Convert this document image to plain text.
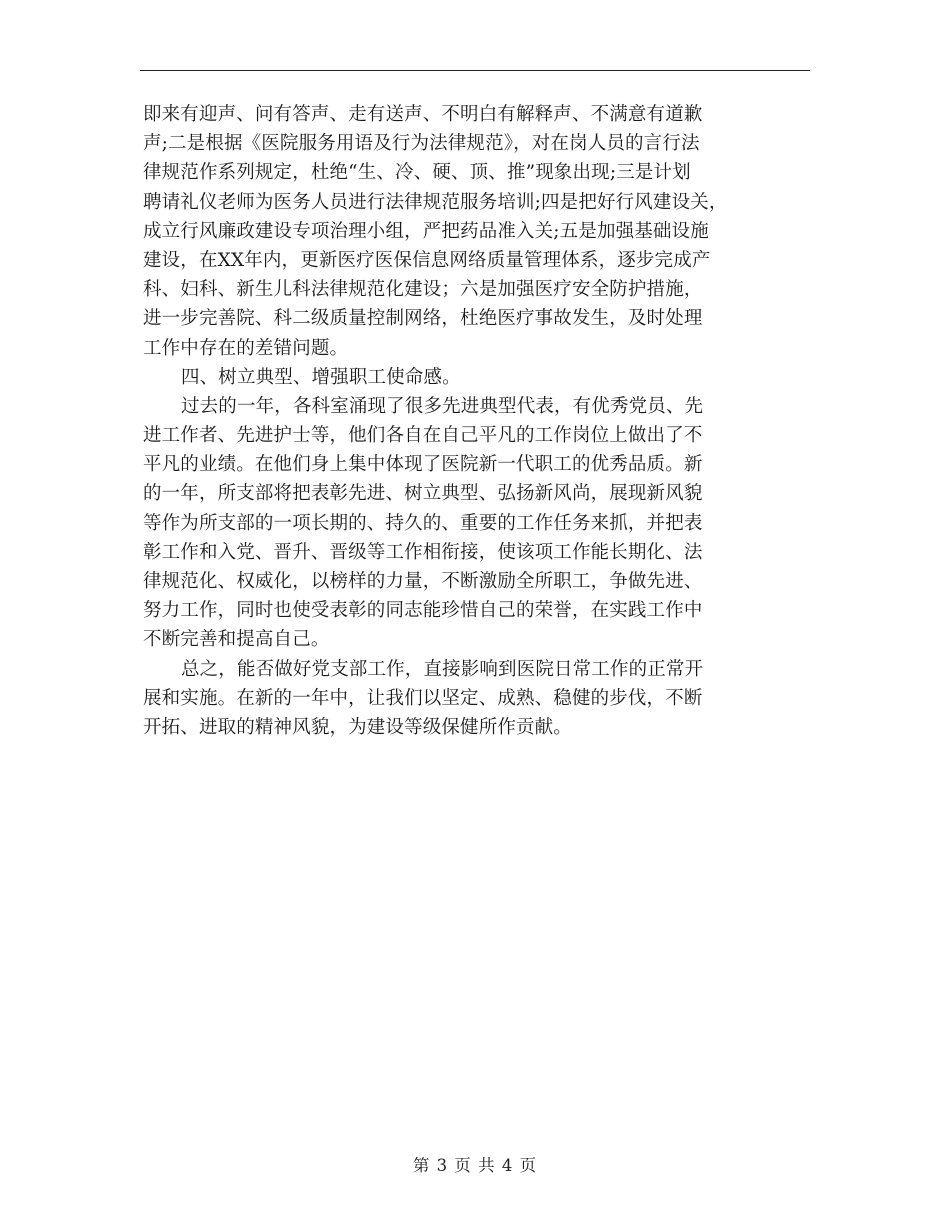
即来有迎声、问有答声、走有送声、不明白有解释声、不满意有道歉
声;二是根据《医院服务用语及行为法律规范》，对在岗人员的言行法
律规范作系列规定，杜绝“生、冷、硬、顶、推”现象出现;三是计划
聘请礼仪老师为医务人员进行法律规范服务培训;四是把好行风建设关，
成立行风廉政建设专项治理小组，严把药品准入关;五是加强基础设施
建设，在XX年内，更新医疗医保信息网络质量管理体系，逐步完成产
科、妇科、新生儿科法律规范化建设；六是加强医疗安全防护措施，
进一步完善院、科二级质量控制网络，杜绝医疗事故发生，及时处理
工作中存在的差错问题。
四、树立典型、增强职工使命感。
过去的一年，各科室涌现了很多先进典型代表，有优秀党员、先
进工作者、先进护士等，他们各自在自己平凡的工作岗位上做出了不
平凡的业绩。在他们身上集中体现了医院新一代职工的优秀品质。新
的一年，所支部将把表彰先进、树立典型、弘扬新风尚，展现新风貌
等作为所支部的一项长期的、持久的、重要的工作任务来抓，并把表
彰工作和入党、晋升、晋级等工作相衔接，使该项工作能长期化、法
律规范化、权威化，以榜样的力量，不断激励全所职工，争做先进、
努力工作，同时也使受表彰的同志能珍惜自己的荣誉，在实践工作中
不断完善和提高自己。
总之，能否做好党支部工作，直接影响到医院日常工作的正常开
展和实施。在新的一年中，让我们以坚定、成熟、稳健的步伐，不断
开拓、进取的精神风貌，为建设等级保健所作贡献。
第 3 页 共 4 页
